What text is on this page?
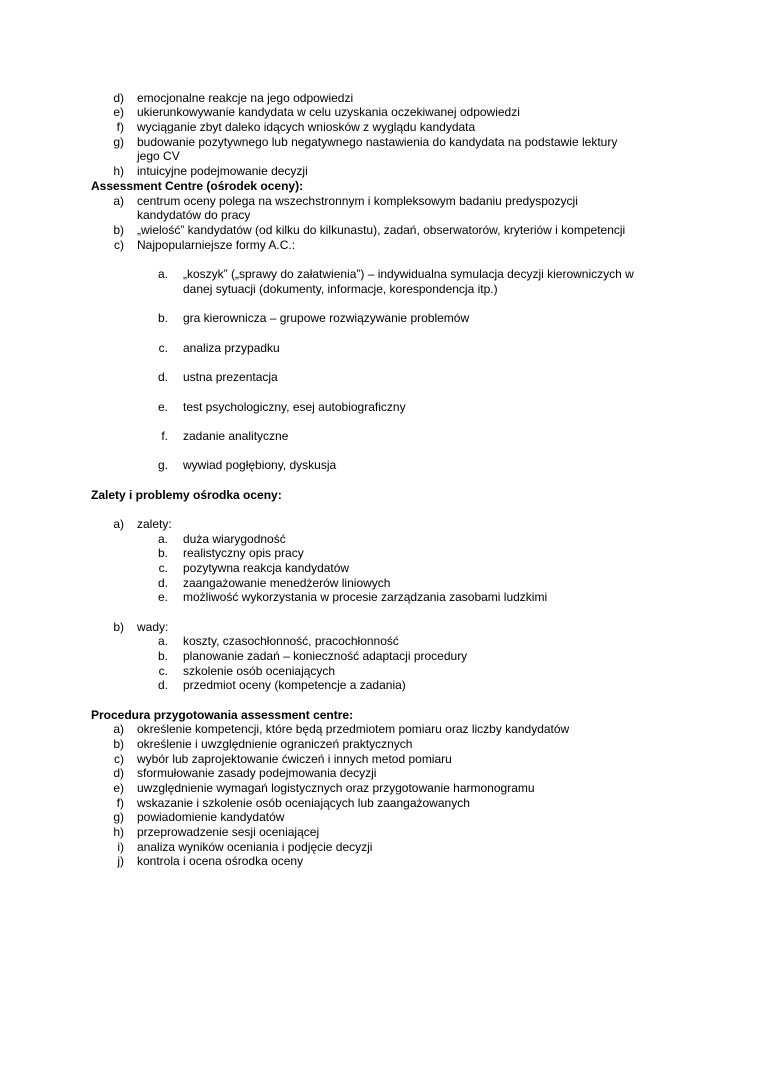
d) emocjonalne reakcje na jego odpowiedzi
e) ukierunkowywanie kandydata w celu uzyskania oczekiwanej odpowiedzi
f) wyciąganie zbyt daleko idących wniosków z wyglądu kandydata
g) budowanie pozytywnego lub negatywnego nastawienia do kandydata na podstawie lektury
jego CV
h) intuicyjne podejmowanie decyzji
Assessment Centre (ośrodek oceny):
a) centrum oceny polega na wszechstronnym i kompleksowym badaniu predyspozycji
kandydatów do pracy
b) „wielość” kandydatów (od kilku do kilkunastu), zadań, obserwatorów, kryteriów i kompetencji
c) Najpopularniejsze formy A.C.:
a. „koszyk” („sprawy do załatwienia”) – indywidualna symulacja decyzji kierowniczych w
danej sytuacji (dokumenty, informacje, korespondencja itp.)
b. gra kierownicza – grupowe rozwiązywanie problemów
c. analiza przypadku
d. ustna prezentacja
e. test psychologiczny, esej autobiograficzny
f. zadanie analityczne
g. wywiad pogłębiony, dyskusja
Zalety i problemy ośrodka oceny:
a) zalety:
a. duża wiarygodność
b. realistyczny opis pracy
c. pozytywna reakcja kandydatów
d. zaangażowanie menedżerów liniowych
e. możliwość wykorzystania w procesie zarządzania zasobami ludzkimi
b) wady:
a. koszty, czasochłonność, pracochłonność
b. planowanie zadań – konieczność adaptacji procedury
c. szkolenie osób oceniających
d. przedmiot oceny (kompetencje a zadania)
Procedura przygotowania assessment centre:
a) określenie kompetencji, które będą przedmiotem pomiaru oraz liczby kandydatów
b) określenie i uwzględnienie ograniczeń praktycznych
c) wybór lub zaprojektowanie ćwiczeń i innych metod pomiaru
d) sformułowanie zasady podejmowania decyzji
e) uwzględnienie wymagań logistycznych oraz przygotowanie harmonogramu
f) wskazanie i szkolenie osób oceniających lub zaangażowanych
g) powiadomienie kandydatów
h) przeprowadzenie sesji oceniającej
i) analiza wyników oceniania i podjęcie decyzji
j) kontrola i ocena ośrodka oceny
